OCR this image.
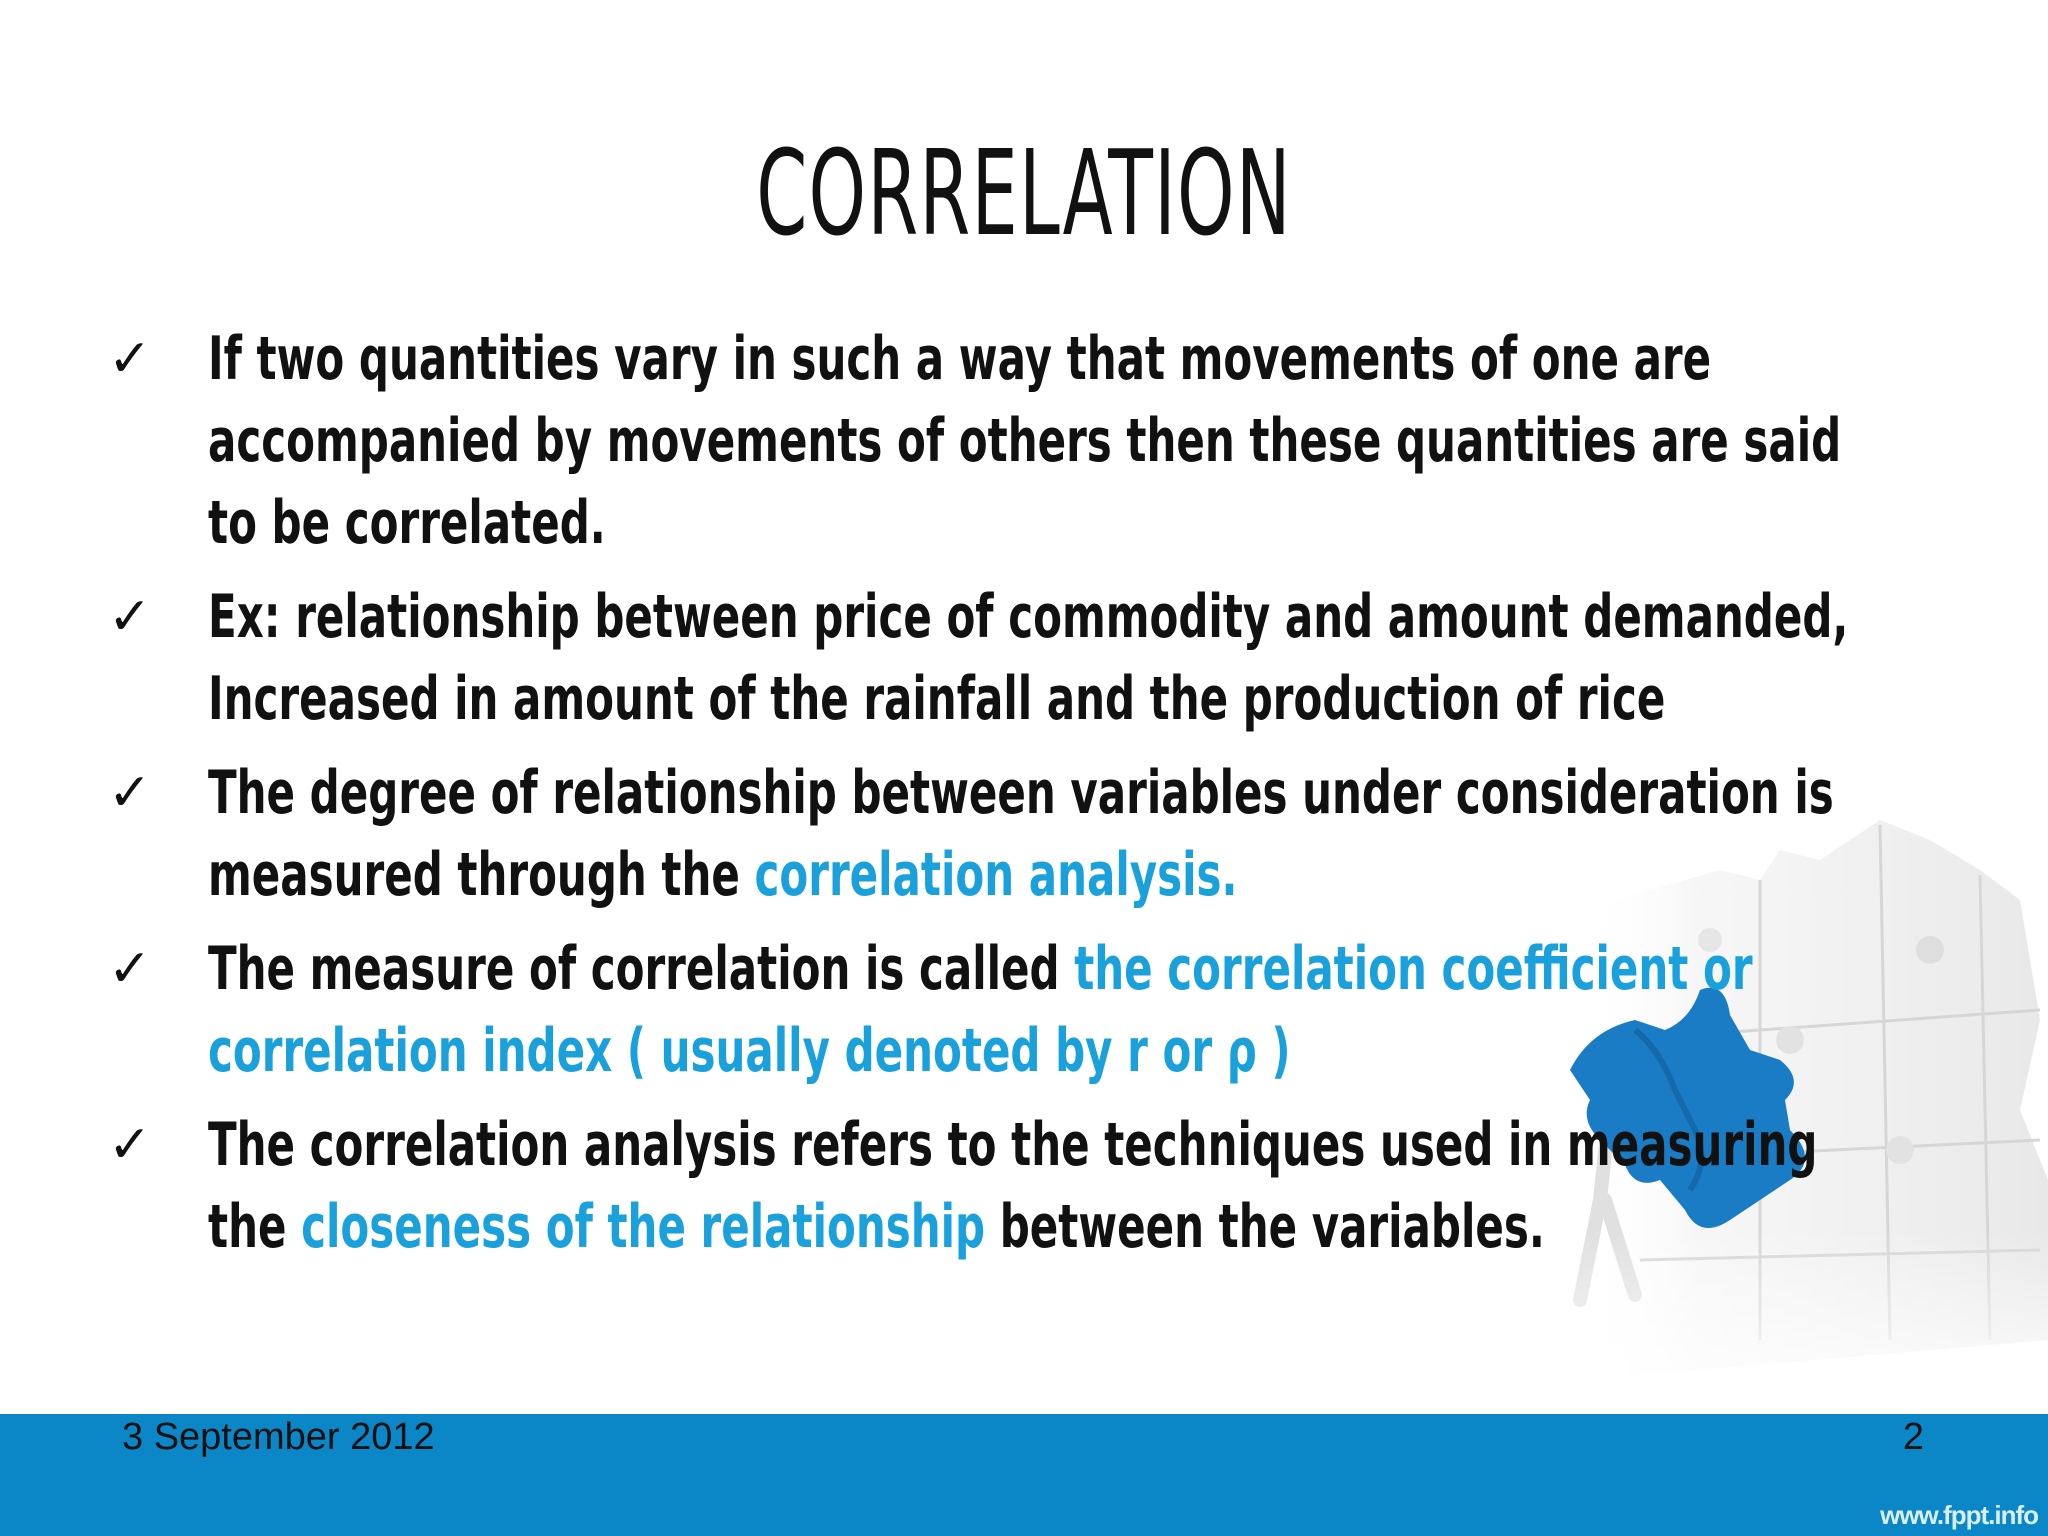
CORRELATION
✓ If two quantities vary in such a way that movements of one are accompanied by movements of others then these quantities are said to be correlated.
✓ Ex: relationship between price of commodity and amount demanded, Increased in amount of the rainfall and the production of rice
✓ The degree of relationship between variables under consideration is measured through the correlation analysis.
✓ The measure of correlation is called the correlation coefficient or correlation index ( usually denoted by r or ρ )
✓ The correlation analysis refers to the techniques used in measuring the closeness of the relationship between the variables.
3 September 2012	2
www.fppt.info
